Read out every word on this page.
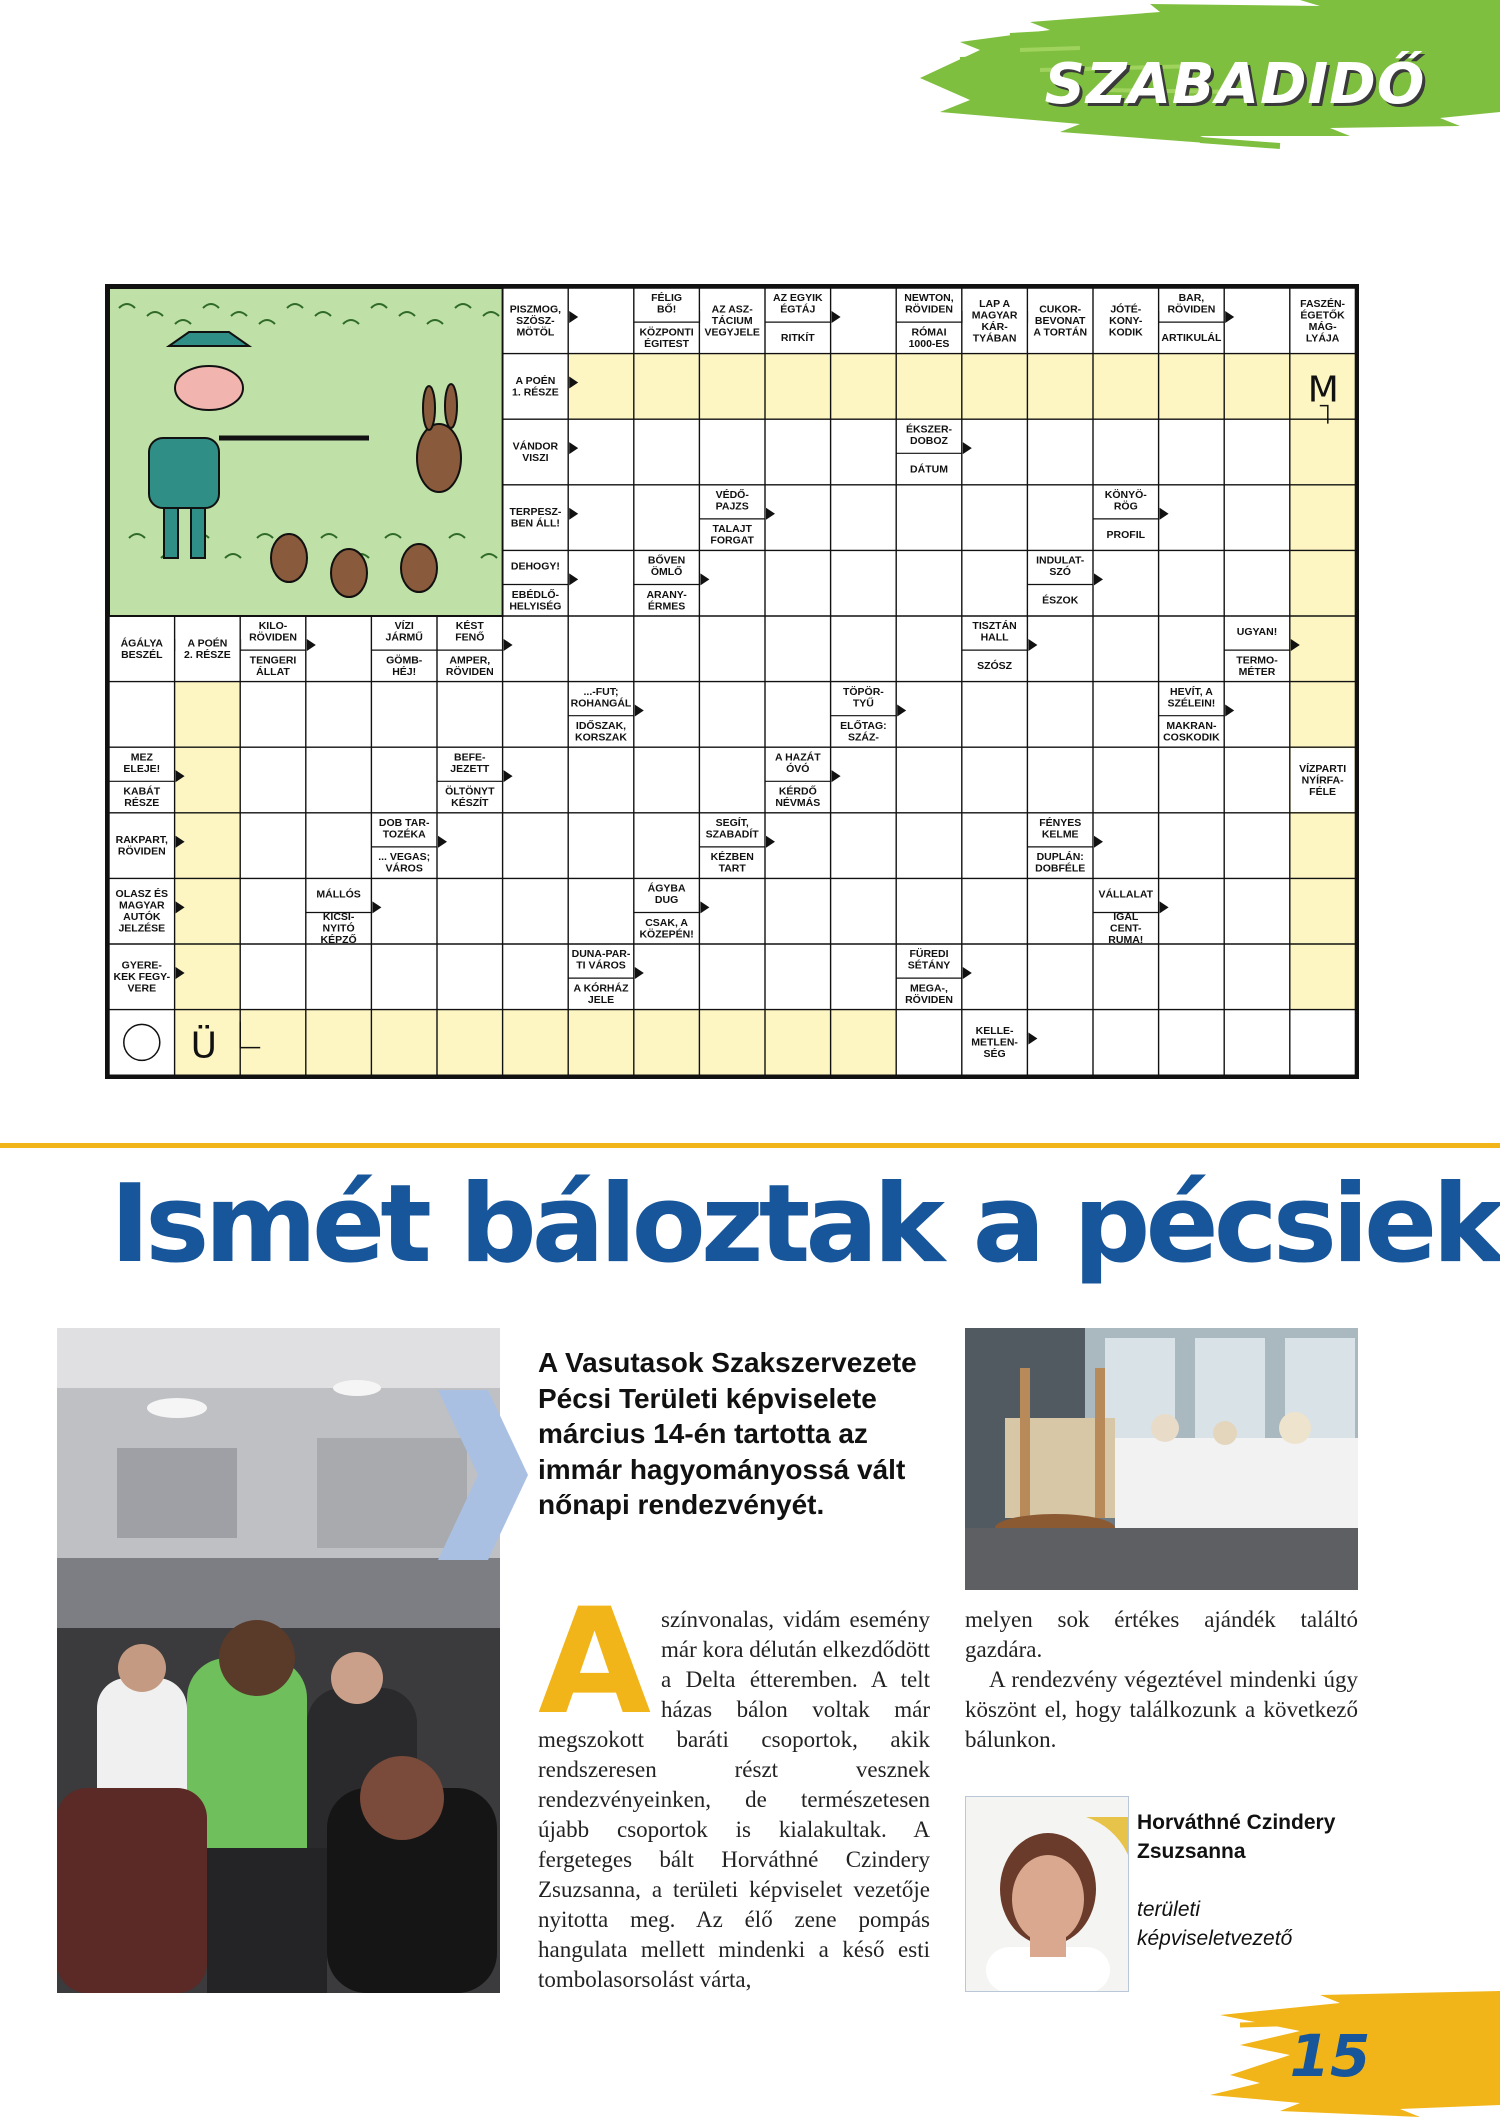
SZABADIDŐ
PISZMOG,
SZÖSZ-
MÖTÖL
FÉLIG
BŐ!
KÖZPONTI
ÉGITEST
AZ ASZ-
TÁCIUM
VEGYJELE
AZ EGYIK
ÉGTÁJ
RITKÍT
NEWTON,
RÖVIDEN
RÓMAI
1000-ES
LAP A
MAGYAR
KÁR-
TYÁBAN
CUKOR-
BEVONAT
A TORTÁN
JÓTÉ-
KONY-
KODIK
BAR,
RÖVIDEN
ARTIKULÁL
FASZÉN-
ÉGETŐK
MÁG-
LYÁJA
A POÉN
1. RÉSZE
VÁNDOR
VISZI
ÉKSZER-
DOBOZ
DÁTUM
TERPESZ-
BEN ÁLL!
VÉDŐ-
PAJZS
TALAJT
FORGAT
KÖNYÖ-
RÖG
PROFIL
DEHOGY!
EBÉDLŐ-
HELYISÉG
BŐVEN
ÖMLŐ
ARANY-
ÉRMES
INDULAT-
SZÓ
ÉSZOK
ÁGÁLYA
BESZÉL
A POÉN
2. RÉSZE
KILO-
RÖVIDEN
TENGERI
ÁLLAT
VÍZI
JÁRMŰ
GÖMB-
HÉJ!
KÉST
FENŐ
AMPER,
RÖVIDEN
TISZTÁN
HALL
SZÓSZ
UGYAN!
TERMO-
MÉTER
...-FUT;
ROHANGÁL
IDŐSZAK,
KORSZAK
TÖPÖR-
TYŰ
ELŐTAG:
SZÁZ-
HEVÍT, A
SZÉLEIN!
MAKRAN-
COSKODIK
MEZ
ELEJE!
KABÁT
RÉSZE
BEFE-
JEZETT
ÖLTÖNYT
KÉSZÍT
A HAZÁT
ÓVÓ
KÉRDŐ
NÉVMÁS
VÍZPARTI
NYÍRFA-
FÉLE
RAKPART,
RÖVIDEN
DOB TAR-
TOZÉKA
... VEGAS;
VÁROS
SEGÍT,
SZABADÍT
KÉZBEN
TART
FÉNYES
KELME
DUPLÁN:
DOBFÉLE
OLASZ ÉS
MAGYAR
AUTÓK
JELZÉSE
MÁLLÓS
KICSI-
NYITÓ
KÉPZŐ
ÁGYBA
DUG
CSAK, A
KÖZEPÉN!
VÁLLALAT
IGAL
CENT-
RUMA!
GYERE-
KEK FEGY-
VERE
DUNA-PAR-
TI VÁROS
A KÓRHÁZ
JELE
FÜREDI
SÉTÁNY
MEGA-,
RÖVIDEN
KELLE-
METLEN-
SÉG
M
Ü
Ismét báloztak a pécsiek
A Vasutasok Szakszervezete Pécsi Területi képviselete március 14-én tartotta az immár hagyományossá vált nőnapi rendezvényét.
A színvonalas, vidám esemény már kora délután elkezdődött a Delta étteremben. A telt házas bálon voltak már megszokott baráti csoportok, akik rendszeresen részt vesznek rendezvényeinken, de természetesen újabb csoportok is kialakultak. A fergeteges bált Horváthné Czindery Zsuzsanna, a területi képviselet vezetője nyitotta meg. Az élő zene pompás hangulata mellett mindenki a késő esti tombolasorsolást várta,

melyen sok értékes ajándék találtó gazdára.

A rendezvény végeztével mindenki úgy köszönt el, hogy találkozunk a következő bálunkon.

Horváthné Czindery Zsuzsanna
területi képviseletvezető
15
